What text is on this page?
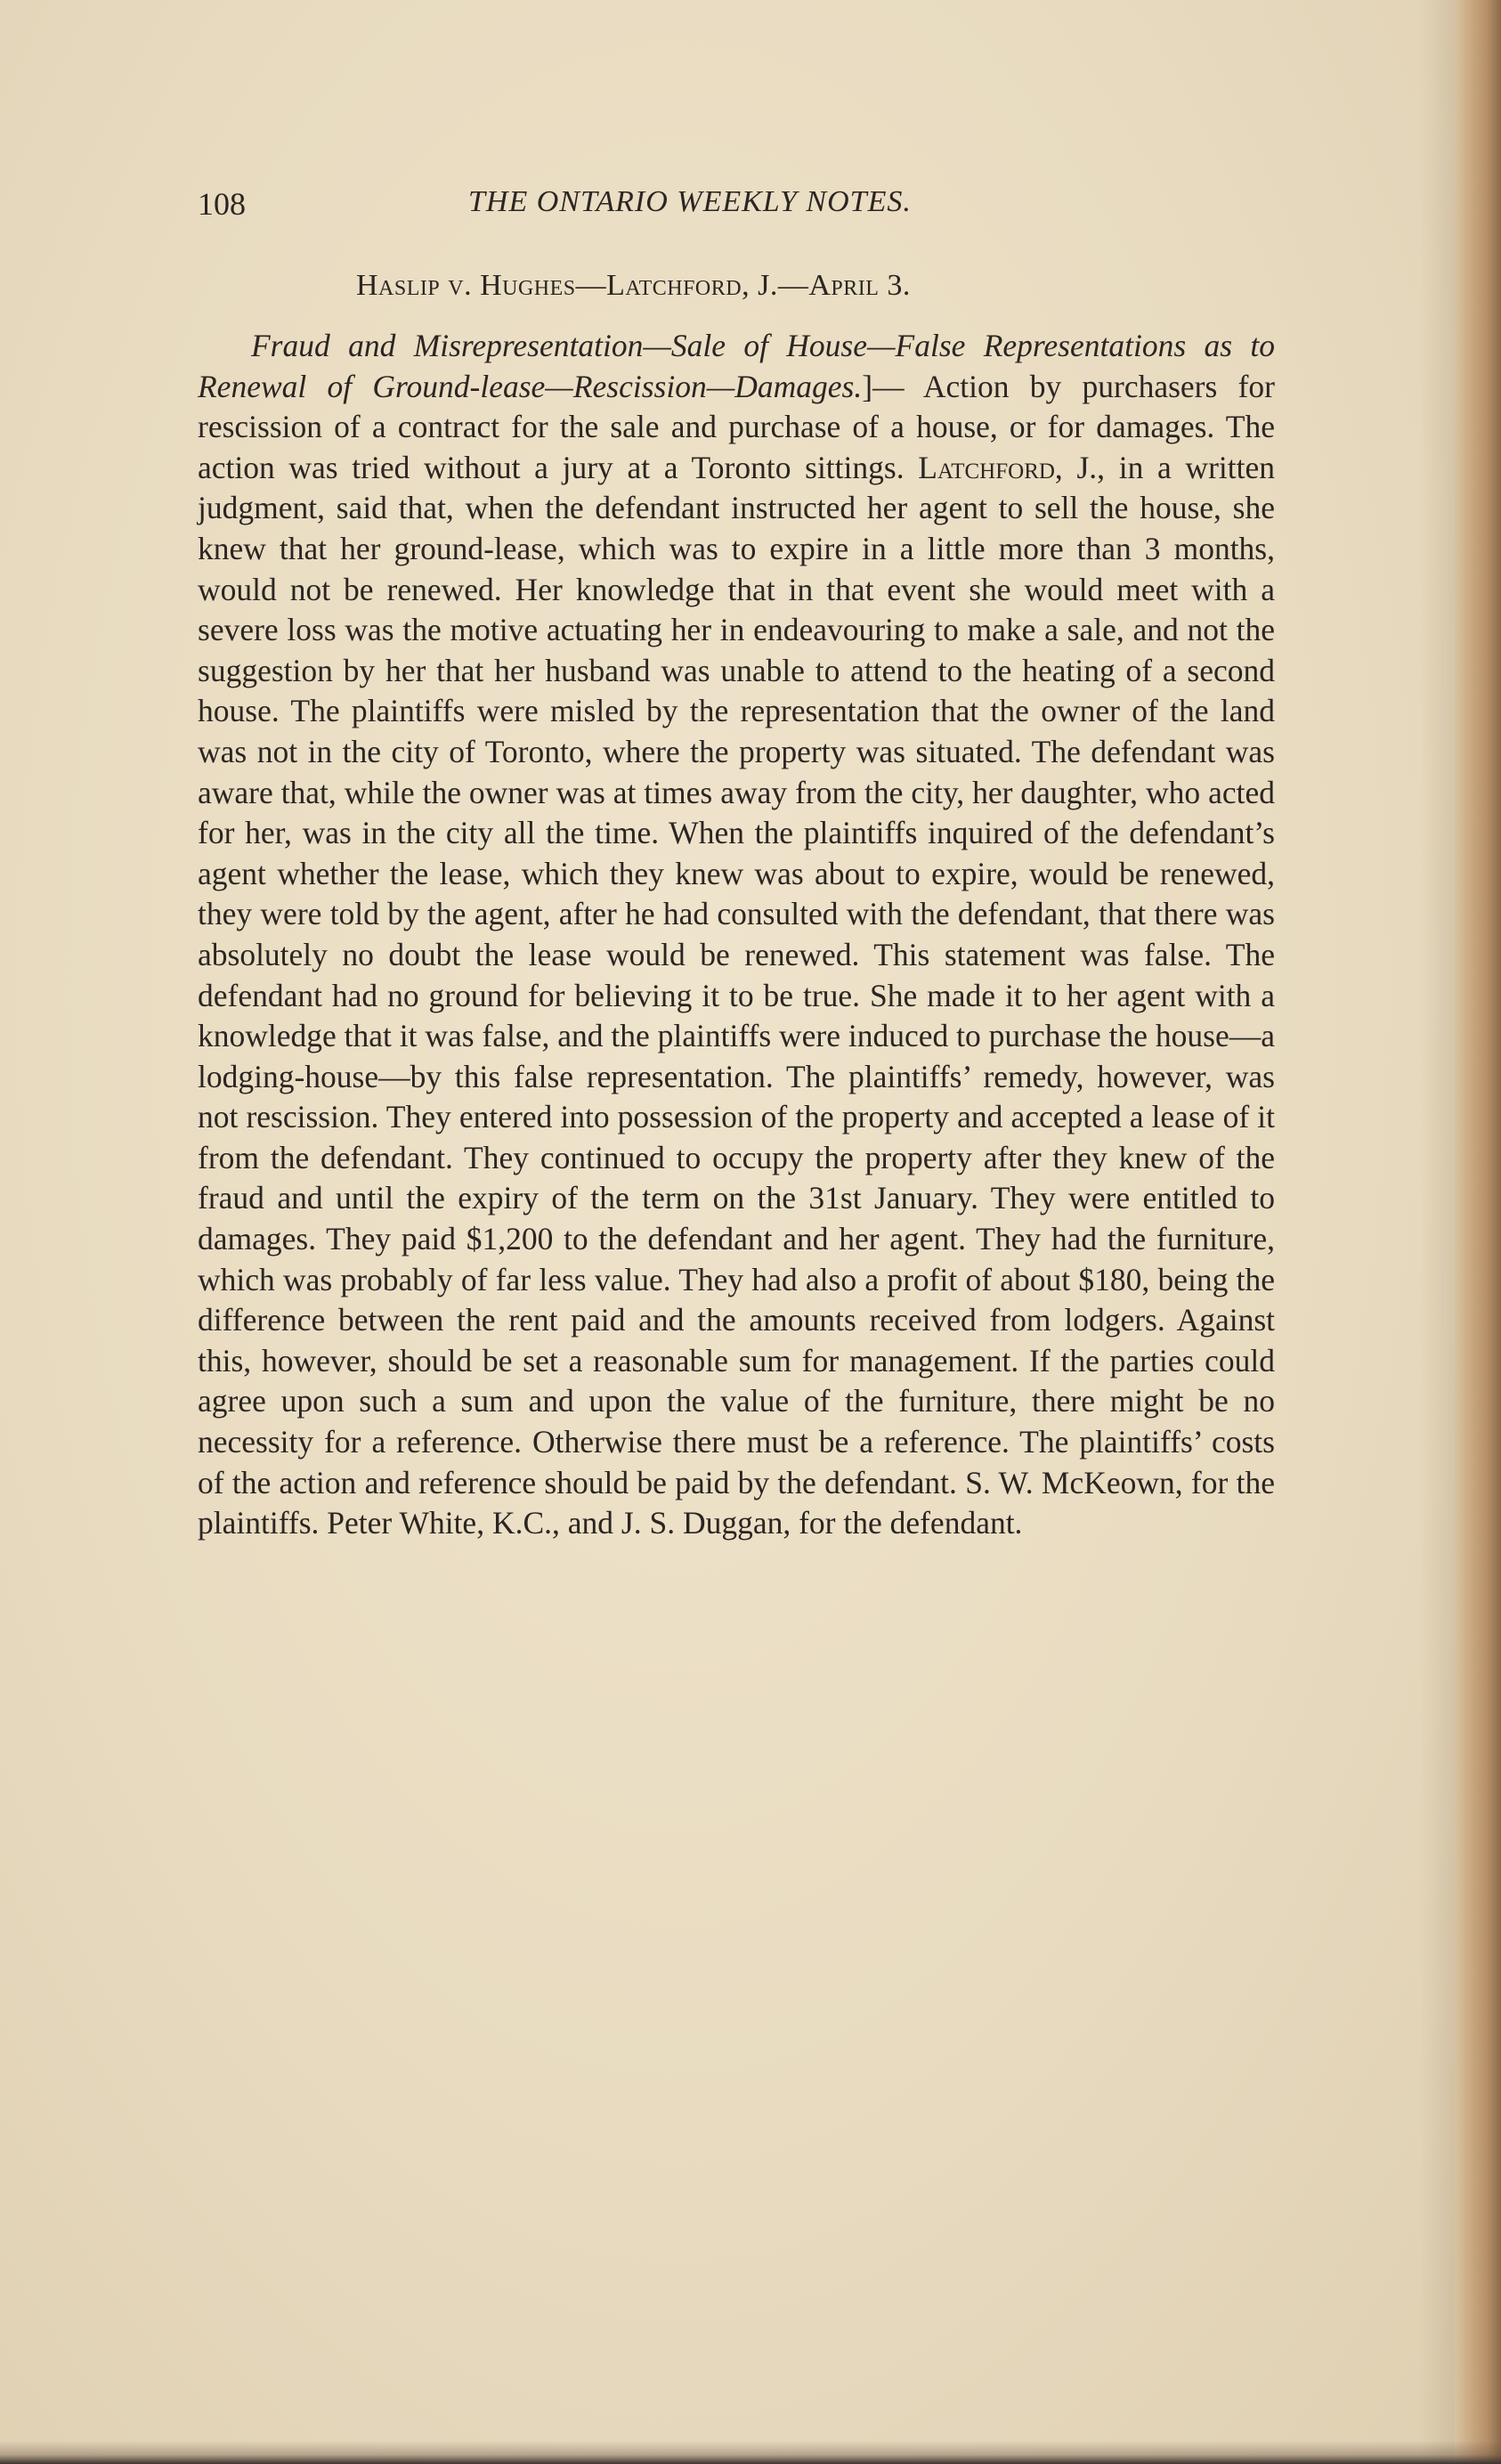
108	THE ONTARIO WEEKLY NOTES.
Haslip v. Hughes—Latchford, J.—April 3.

Fraud and Misrepresentation—Sale of House—False Representations as to Renewal of Ground-lease—Rescission—Damages.]— Action by purchasers for rescission of a contract for the sale and purchase of a house, or for damages. The action was tried without a jury at a Toronto sittings. Latchford, J., in a written judgment, said that, when the defendant instructed her agent to sell the house, she knew that her ground-lease, which was to expire in a little more than 3 months, would not be renewed. Her knowledge that in that event she would meet with a severe loss was the motive actuating her in endeavouring to make a sale, and not the suggestion by her that her husband was unable to attend to the heating of a second house. The plaintiffs were misled by the representation that the owner of the land was not in the city of Toronto, where the property was situated. The defendant was aware that, while the owner was at times away from the city, her daughter, who acted for her, was in the city all the time. When the plaintiffs inquired of the defendant’s agent whether the lease, which they knew was about to expire, would be renewed, they were told by the agent, after he had consulted with the defendant, that there was absolutely no doubt the lease would be renewed. This statement was false. The defendant had no ground for believing it to be true. She made it to her agent with a knowledge that it was false, and the plaintiffs were induced to purchase the house—a lodging-house—by this false representation. The plaintiffs’ remedy, however, was not rescission. They entered into possession of the property and accepted a lease of it from the defendant. They continued to occupy the property after they knew of the fraud and until the expiry of the term on the 31st January. They were entitled to damages. They paid $1,200 to the defendant and her agent. They had the furniture, which was probably of far less value. They had also a profit of about $180, being the difference between the rent paid and the amounts received from lodgers. Against this, however, should be set a reasonable sum for management. If the parties could agree upon such a sum and upon the value of the furniture, there might be no necessity for a reference. Otherwise there must be a reference. The plaintiffs’ costs of the action and reference should be paid by the defendant. S. W. McKeown, for the plaintiffs. Peter White, K.C., and J. S. Duggan, for the defendant.
